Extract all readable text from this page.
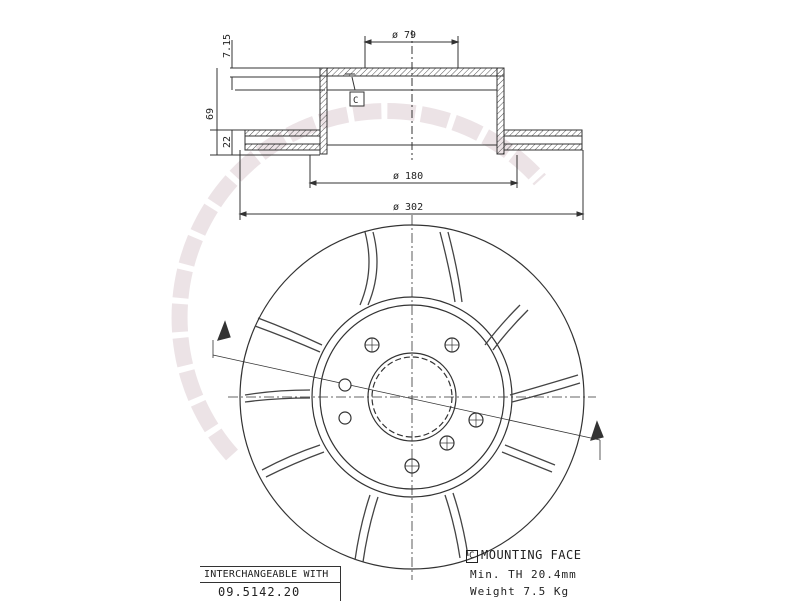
7.15
69
22
ø 79
C
ø 180
ø 302
C MOUNTING FACE
Min. TH 20.4mm
Weight 7.5 Kg
INTERCHANGEABLE WITH
09.5142.20
